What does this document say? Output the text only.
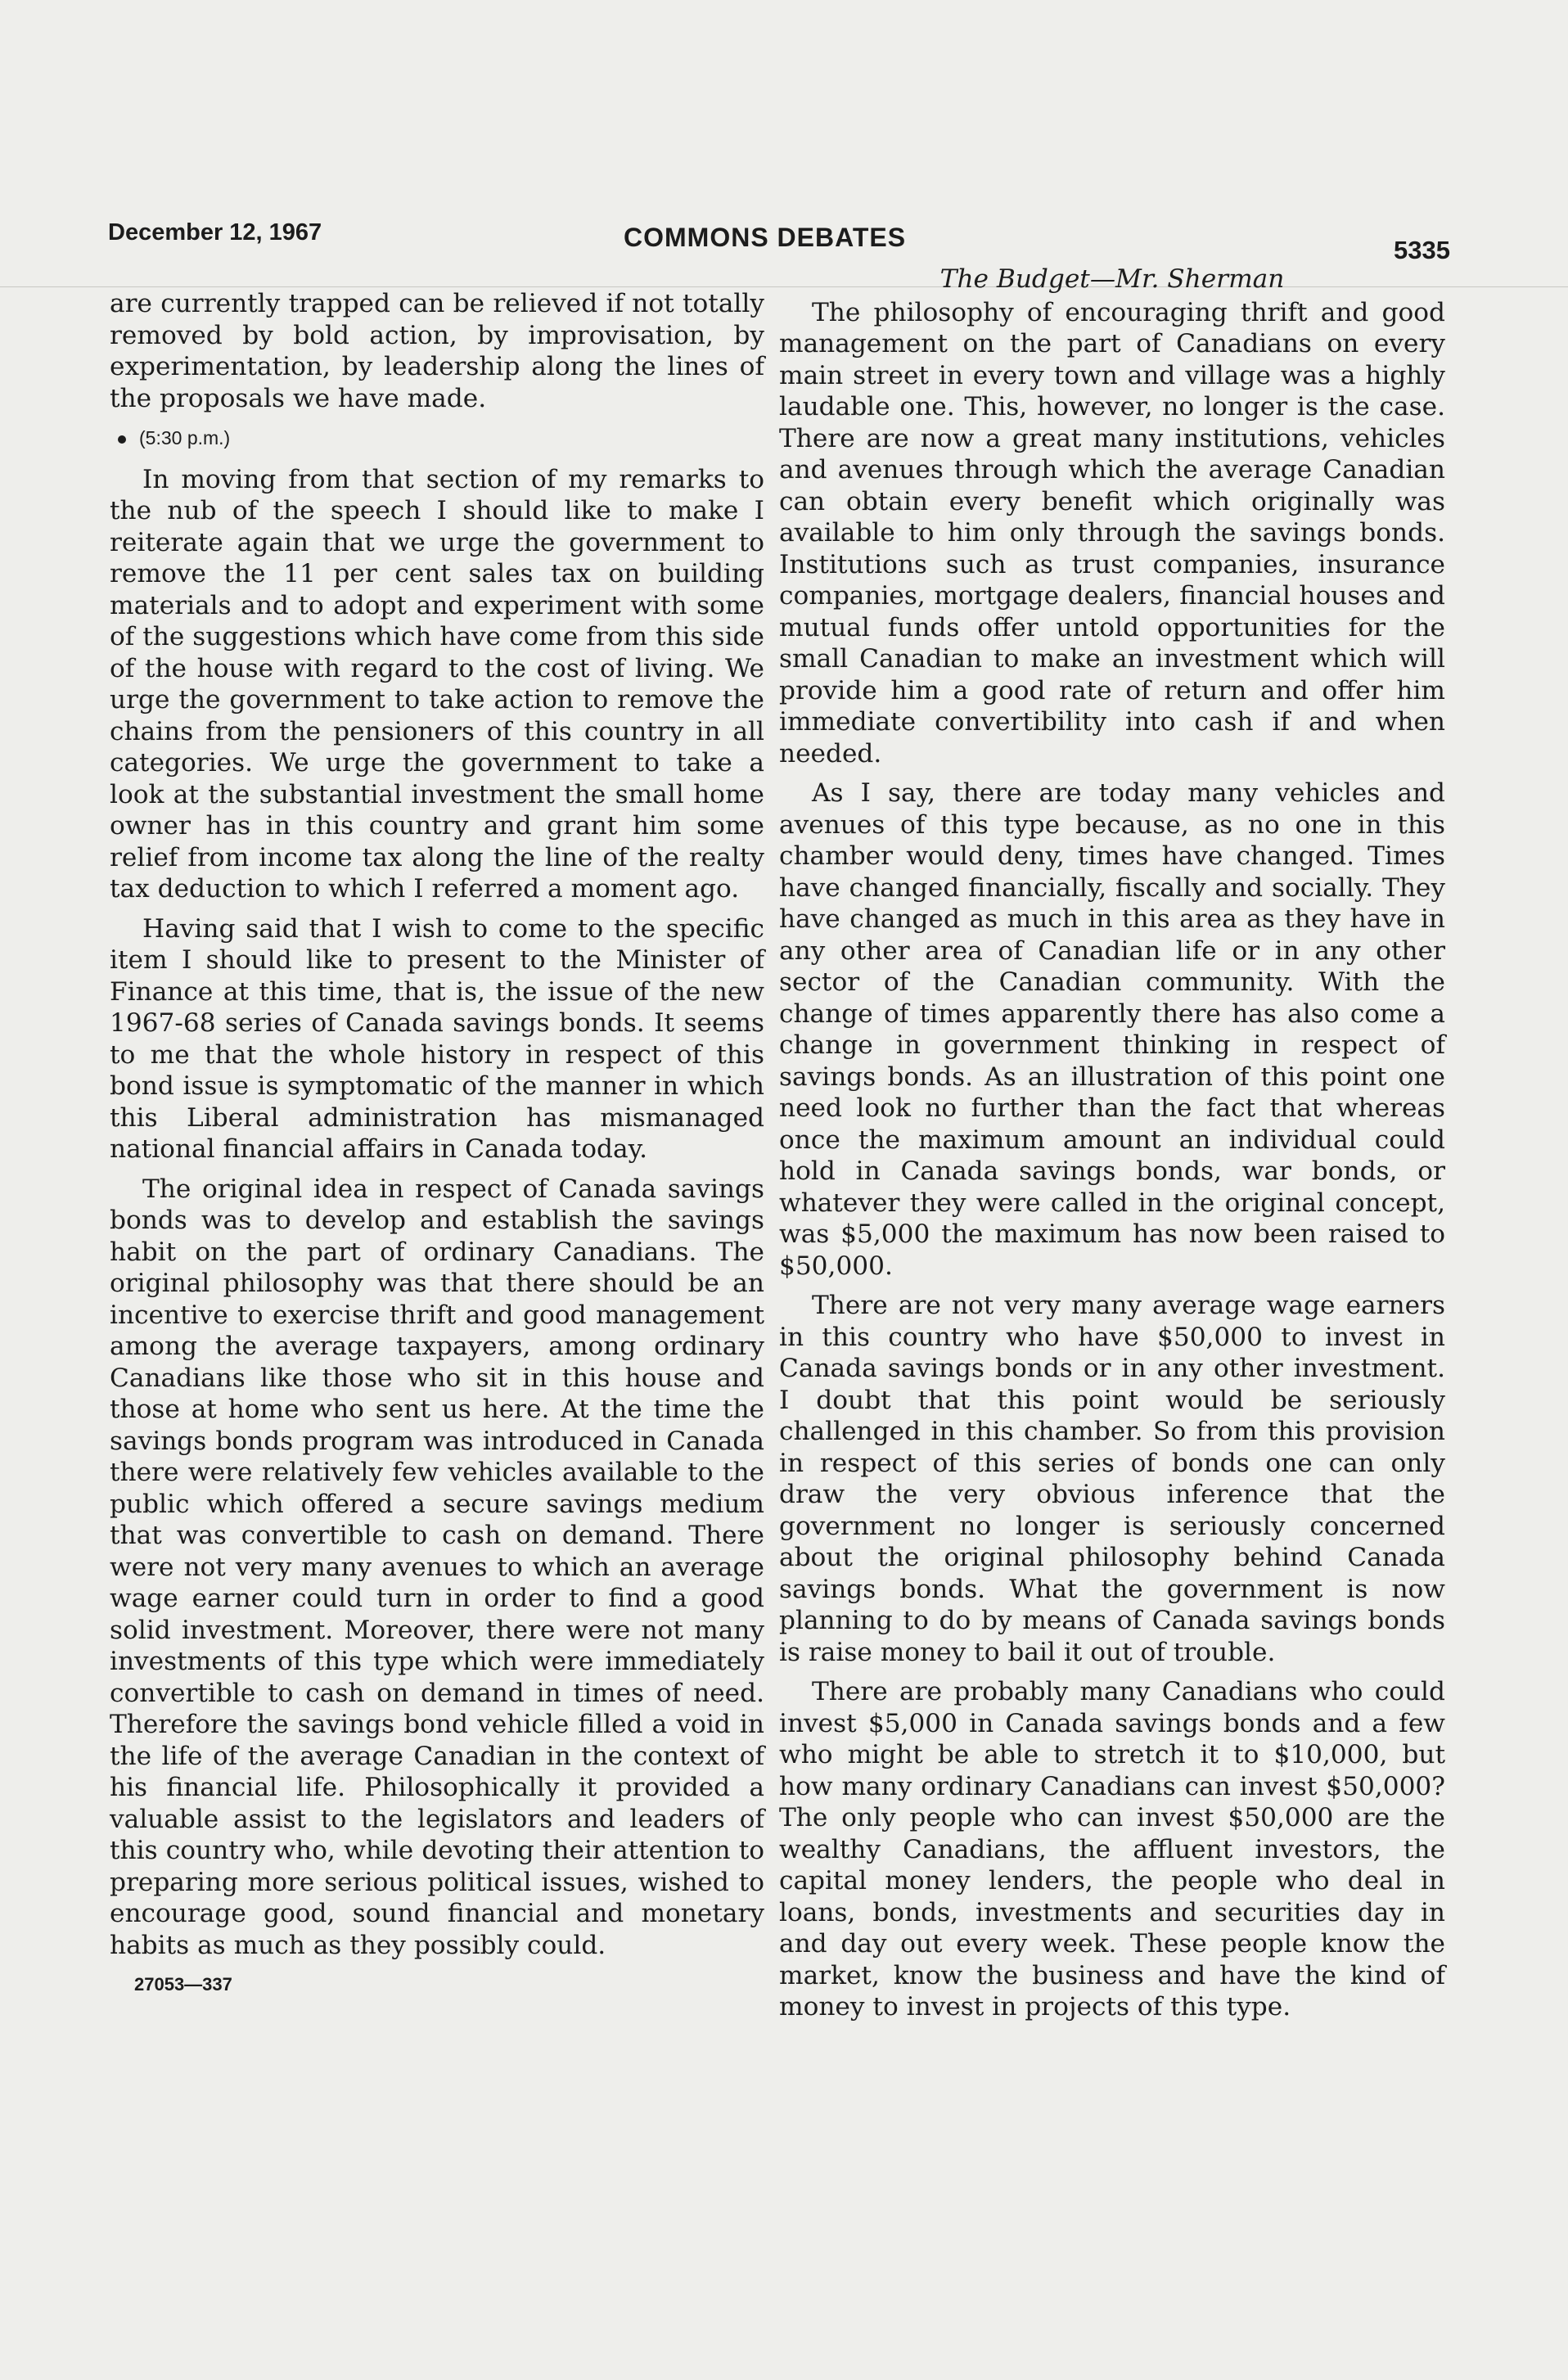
December 12, 1967	COMMONS DEBATES	5335

are currently trapped can be relieved if not totally removed by bold action, by improvisation, by experimentation, by leadership along the lines of the proposals we have made.

(5:30 p.m.)

In moving from that section of my remarks to the nub of the speech I should like to make I reiterate again that we urge the government to remove the 11 per cent sales tax on building materials and to adopt and experiment with some of the suggestions which have come from this side of the house with regard to the cost of living. We urge the government to take action to remove the chains from the pensioners of this country in all categories. We urge the government to take a look at the substantial investment the small home owner has in this country and grant him some relief from income tax along the line of the realty tax deduction to which I referred a moment ago.

Having said that I wish to come to the specific item I should like to present to the Minister of Finance at this time, that is, the issue of the new 1967-68 series of Canada savings bonds. It seems to me that the whole history in respect of this bond issue is symptomatic of the manner in which this Liberal administration has mismanaged national financial affairs in Canada today.

The original idea in respect of Canada savings bonds was to develop and establish the savings habit on the part of ordinary Canadians. The original philosophy was that there should be an incentive to exercise thrift and good management among the average taxpayers, among ordinary Canadians like those who sit in this house and those at home who sent us here. At the time the savings bonds program was introduced in Canada there were relatively few vehicles available to the public which offered a secure savings medium that was convertible to cash on demand. There were not very many avenues to which an average wage earner could turn in order to find a good solid investment. Moreover, there were not many investments of this type which were immediately convertible to cash on demand in times of need. Therefore the savings bond vehicle filled a void in the life of the average Canadian in the context of his financial life. Philosophically it provided a valuable assist to the legislators and leaders of this country who, while devoting their attention to preparing more serious political issues, wished to encourage good, sound financial and monetary habits as much as they possibly could.

27053—337
The Budget—Mr. Sherman

The philosophy of encouraging thrift and good management on the part of Canadians on every main street in every town and village was a highly laudable one. This, however, no longer is the case. There are now a great many institutions, vehicles and avenues through which the average Canadian can obtain every benefit which originally was available to him only through the savings bonds. Institutions such as trust companies, insurance companies, mortgage dealers, financial houses and mutual funds offer untold opportunities for the small Canadian to make an investment which will provide him a good rate of return and offer him immediate convertibility into cash if and when needed.

As I say, there are today many vehicles and avenues of this type because, as no one in this chamber would deny, times have changed. Times have changed financially, fiscally and socially. They have changed as much in this area as they have in any other area of Canadian life or in any other sector of the Canadian community. With the change of times apparently there has also come a change in government thinking in respect of savings bonds. As an illustration of this point one need look no further than the fact that whereas once the maximum amount an individual could hold in Canada savings bonds, war bonds, or whatever they were called in the original concept, was $5,000 the maximum has now been raised to $50,000.

There are not very many average wage earners in this country who have $50,000 to invest in Canada savings bonds or in any other investment. I doubt that this point would be seriously challenged in this chamber. So from this provision in respect of this series of bonds one can only draw the very obvious inference that the government no longer is seriously concerned about the original philosophy behind Canada savings bonds. What the government is now planning to do by means of Canada savings bonds is raise money to bail it out of trouble.

There are probably many Canadians who could invest $5,000 in Canada savings bonds and a few who might be able to stretch it to $10,000, but how many ordinary Canadians can invest $50,000? The only people who can invest $50,000 are the wealthy Canadians, the affluent investors, the capital money lenders, the people who deal in loans, bonds, investments and securities day in and day out every week. These people know the market, know the business and have the kind of money to invest in projects of this type.
